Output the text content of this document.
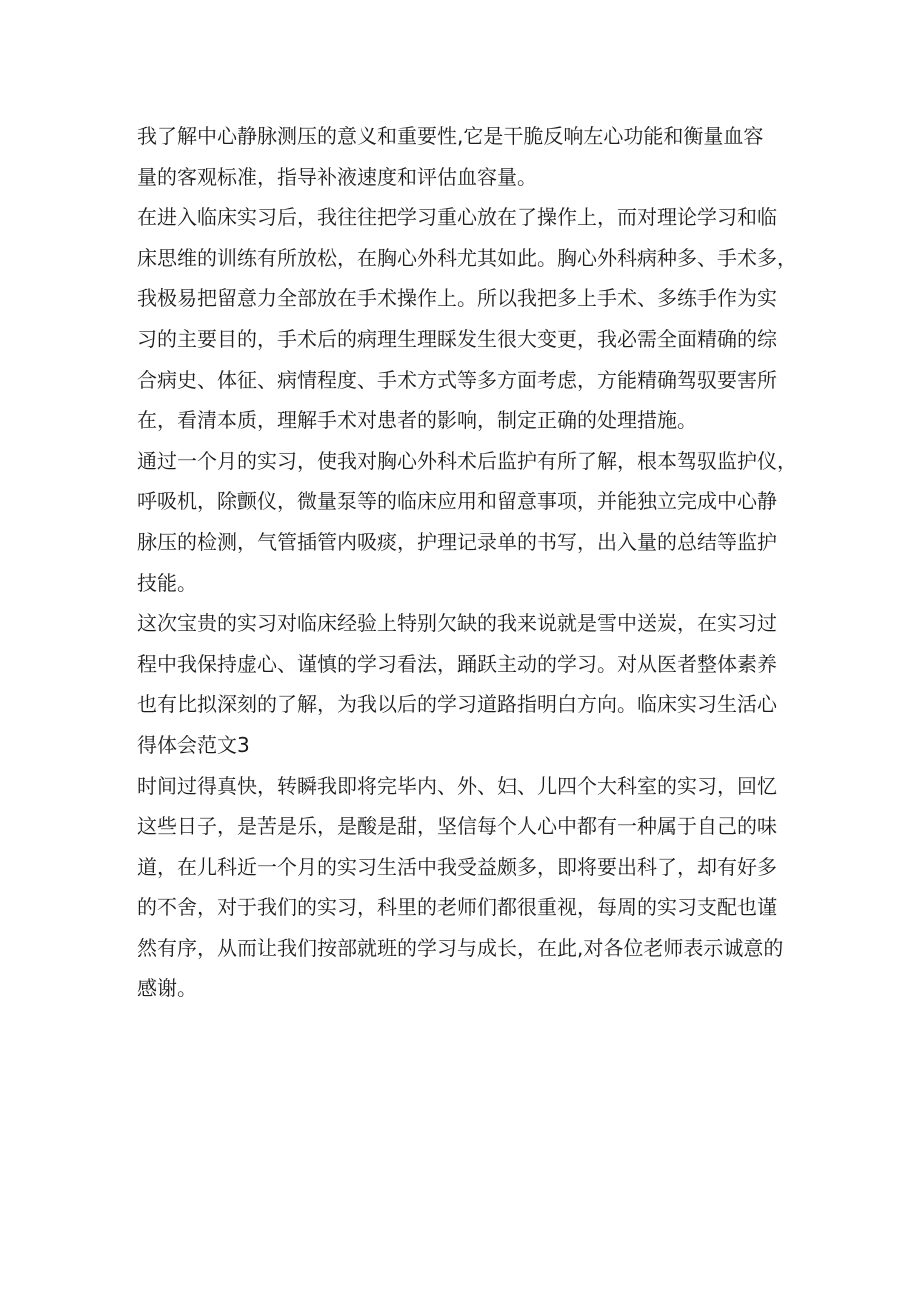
我了解中心静脉测压的意义和重要性,它是干脆反响左心功能和衡量血容
量的客观标准，指导补液速度和评估血容量。
在进入临床实习后，我往往把学习重心放在了操作上，而对理论学习和临
床思维的训练有所放松，在胸心外科尤其如此。胸心外科病种多、手术多，
我极易把留意力全部放在手术操作上。所以我把多上手术、多练手作为实
习的主要目的，手术后的病理生理睬发生很大变更，我必需全面精确的综
合病史、体征、病情程度、手术方式等多方面考虑，方能精确驾驭要害所
在，看清本质，理解手术对患者的影响，制定正确的处理措施。
通过一个月的实习，使我对胸心外科术后监护有所了解，根本驾驭监护仪，
呼吸机，除颤仪，微量泵等的临床应用和留意事项，并能独立完成中心静
脉压的检测，气管插管内吸痰，护理记录单的书写，出入量的总结等监护
技能。
这次宝贵的实习对临床经验上特别欠缺的我来说就是雪中送炭，在实习过
程中我保持虚心、谨慎的学习看法，踊跃主动的学习。对从医者整体素养
也有比拟深刻的了解，为我以后的学习道路指明白方向。临床实习生活心
得体会范文3
时间过得真快，转瞬我即将完毕内、外、妇、儿四个大科室的实习，回忆
这些日子，是苦是乐，是酸是甜，坚信每个人心中都有一种属于自己的味
道，在儿科近一个月的实习生活中我受益颇多，即将要出科了，却有好多
的不舍，对于我们的实习，科里的老师们都很重视，每周的实习支配也谨
然有序，从而让我们按部就班的学习与成长，在此,对各位老师表示诚意的
感谢。
